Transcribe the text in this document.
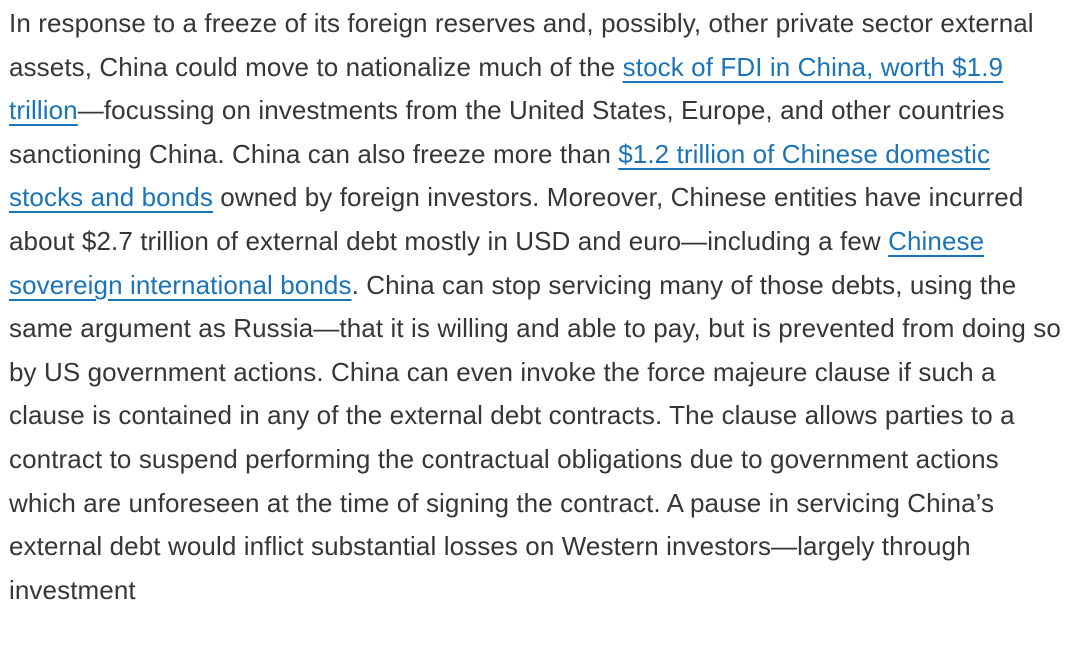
In response to a freeze of its foreign reserves and, possibly, other private sector external assets, China could move to nationalize much of the stock of FDI in China, worth $1.9 trillion—focussing on investments from the United States, Europe, and other countries sanctioning China. China can also freeze more than $1.2 trillion of Chinese domestic stocks and bonds owned by foreign investors. Moreover, Chinese entities have incurred about $2.7 trillion of external debt mostly in USD and euro—including a few Chinese sovereign international bonds. China can stop servicing many of those debts, using the same argument as Russia—that it is willing and able to pay, but is prevented from doing so by US government actions. China can even invoke the force majeure clause if such a clause is contained in any of the external debt contracts. The clause allows parties to a contract to suspend performing the contractual obligations due to government actions which are unforeseen at the time of signing the contract. A pause in servicing China’s external debt would inflict substantial losses on Western investors—largely through investment
